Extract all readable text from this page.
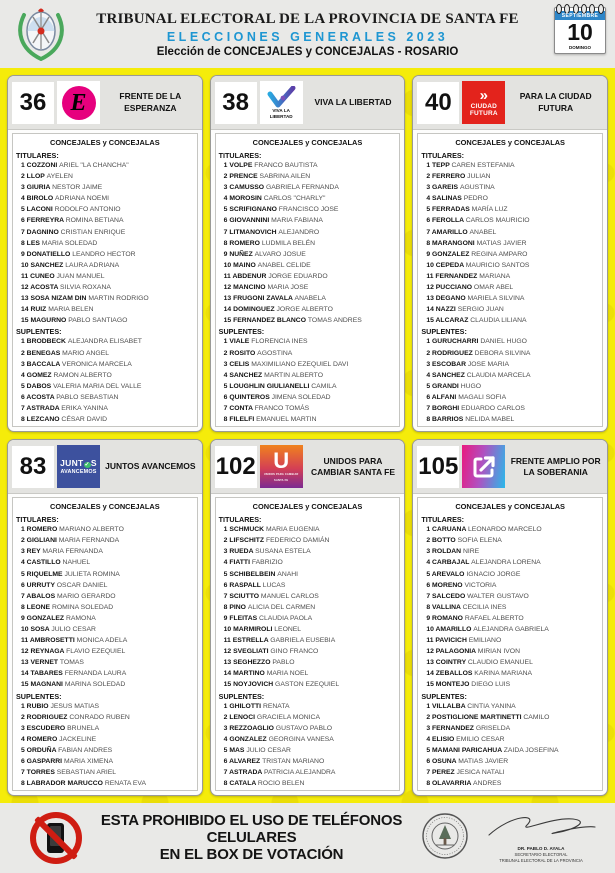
TRIBUNAL ELECTORAL DE LA PROVINCIA DE SANTA FE
ELECCIONES GENERALES 2023
Elección de CONCEJALES y CONCEJALAS - ROSARIO
SEPTIEMBRE
10
DOMINGO
36	E	FRENTE DE LA ESPERANZA
CONCEJALES y CONCEJALAS
TITULARES:
1 COZZONI ARIEL "LA CHANCHA"
2 LLOP AYELEN
3 GIURIA NESTOR JAIME
4 BIROLO ADRIANA NOEMI
5 LACONI RODOLFO ANTONIO
6 FERREYRA ROMINA BETIANA
7 DAGNINO CRISTIAN ENRIQUE
8 LES MARIA SOLEDAD
9 DONATIELLO LEANDRO HECTOR
10 SANCHEZ LAURA ADRIANA
11 CUNEO JUAN MANUEL
12 ACOSTA SILVIA ROXANA
13 SOSA NIZAM DIN MARTIN RODRIGO
14 RUIZ MARIA BELEN
15 MAGURNO PABLO SANTIAGO
SUPLENTES:
1 BRODBECK ALEJANDRA ELISABET
2 BENEGAS MARIO ANGEL
3 BACCALA VERONICA MARCELA
4 GOMEZ RAMON ALBERTO
5 DABOS VALERIA MARIA DEL VALLE
6 ACOSTA PABLO SEBASTIAN
7 ASTRADA ERIKA YANINA
8 LEZCANO CÉSAR DAVID
38	VIVA LA
LIBERTAD
VIVA LA LIBERTAD
CONCEJALES y CONCEJALAS
TITULARES:
1 VOLPE FRANCO BAUTISTA
2 PRENCE SABRINA AILEN
3 CAMUSSO GABRIELA FERNANDA
4 MOROSIN CARLOS "CHARLY"
5 SCRIFIGNANO FRANCISCO JOSE
6 GIOVANNINI MARIA FABIANA
7 LITMANOVICH ALEJANDRO
8 ROMERO LUDMILA BELÉN
9 NUÑEZ ALVARO JOSUE
10 MAINO ANABEL CELIDE
11 ABDENUR JORGE EDUARDO
12 MANCINO MARIA JOSE
13 FRUGONI ZAVALA ANABELA
14 DOMINGUEZ JORGE ALBERTO
15 FERNANDEZ BLANCO TOMAS ANDRES
SUPLENTES:
1 VIALE FLORENCIA INES
2 ROSITO AGOSTINA
3 CELIS MAXIMILIANO EZEQUIEL DAVI
4 SANCHEZ MARTIN ALBERTO
5 LOUGHLIN GIULIANELLI CAMILA
6 QUINTEROS JIMENA SOLEDAD
7 CONTA FRANCO TOMÁS
8 FILELFI EMANUEL MARTIN
40	»
CIUDAD
FUTURA
PARA LA CIUDAD FUTURA
CONCEJALES y CONCEJALAS
TITULARES:
1 TEPP CAREN ESTEFANIA
2 FERRERO JULIAN
3 GAREIS AGUSTINA
4 SALINAS PEDRO
5 FERRADAS MARÍA LUZ
6 FEROLLA CARLOS MAURICIO
7 AMARILLO ANABEL
8 MARANGONI MATIAS JAVIER
9 GONZALEZ REGINA AMPARO
10 CEPEDA MAURICIO SANTOS
11 FERNANDEZ MARIANA
12 PUCCIANO OMAR ABEL
13 DEGANO MARIELA SILVINA
14 NAZZI SERGIO JUAN
15 ALCARAZ CLAUDIA LILIANA
SUPLENTES:
1 GURUCHARRI DANIEL HUGO
2 RODRIGUEZ DEBORA SILVINA
3 ESCOBAR JOSE MARIA
4 SANCHEZ CLAUDIA MARCELA
5 GRANDI HUGO
6 ALFANI MAGALI SOFIA
7 BORGHI EDUARDO CARLOS
8 BARRIOS NELIDA MABEL
83	JUNT✓S
AVANCEMOS
JUNTOS AVANCEMOS
CONCEJALES y CONCEJALAS
TITULARES:
1 ROMERO MARIANO ALBERTO
2 GIGLIANI MARIA FERNANDA
3 REY MARIA FERNANDA
4 CASTILLO NAHUEL
5 RIQUELME JULIETA ROMINA
6 URRUTY OSCAR DANIEL
7 ABALOS MARIO GERARDO
8 LEONE ROMINA SOLEDAD
9 GONZALEZ RAMONA
10 SOSA JULIO CESAR
11 AMBROSETTI MONICA ADELA
12 REYNAGA FLAVIO EZEQUIEL
13 VERNET TOMAS
14 TABARES FERNANDA LAURA
15 MAGNANI MARINA SOLEDAD
SUPLENTES:
1 RUBIO JESUS MATIAS
2 RODRIGUEZ CONRADO RUBEN
3 ESCUDERO BRUNELA
4 ROMERO JACKELINE
5 ORDUÑA FABIAN ANDRES
6 GASPARRI MARIA XIMENA
7 TORRES SEBASTIAN ARIEL
8 LABRADOR MARUCCO RENATA EVA
102 U
UNIDOS PARA CAMBIAR SANTA FE
UNIDOS PARA CAMBIAR SANTA FE
CONCEJALES y CONCEJALAS
TITULARES:
1 SCHMUCK MARIA EUGENIA
2 LIFSCHITZ FEDERICO DAMIÁN
3 RUEDA SUSANA ESTELA
4 FIATTI FABRIZIO
5 SCHIBELBEIN ANAHI
6 RASPALL LUCAS
7 SCIUTTO MANUEL CARLOS
8 PINO ALICIA DEL CARMEN
9 FLEITAS CLAUDIA PAOLA
10 MARMIROLI LEONEL
11 ESTRELLA GABRIELA EUSEBIA
12 SVEGLIATI GINO FRANCO
13 SEGHEZZO PABLO
14 MARTINO MARIA NOEL
15 NOYJOVICH GASTON EZEQUIEL
SUPLENTES:
1 GHILOTTI RENATA
2 LENOCI GRACIELA MONICA
3 REZZOAGLIO GUSTAVO PABLO
4 GONZALEZ GEORGINA VANESA
5 MAS JULIO CESAR
6 ALVAREZ TRISTAN MARIANO
7 ASTRADA PATRICIA ALEJANDRA
8 CATALA ROCIO BELEN
105	FRENTE AMPLIO POR LA SOBERANIA
CONCEJALES y CONCEJALAS
TITULARES:
1 CARUANA LEONARDO MARCELO
2 BOTTO SOFIA ELENA
3 ROLDAN NIRE
4 CARBAJAL ALEJANDRA LORENA
5 AREVALO IGNACIO JORGE
6 MORENO VICTORIA
7 SALCEDO WALTER GUSTAVO
8 VALLINA CECILIA INES
9 ROMANO RAFAEL ALBERTO
10 AMARILLO ALEJANDRA GABRIELA
11 PAVICICH EMILIANO
12 PALAGONIA MIRIAN IVON
13 COINTRY CLAUDIO EMANUEL
14 ZEBALLOS KARINA MARIANA
15 MONTEJO DIEGO LUIS
SUPLENTES:
1 VILLALBA CINTIA YANINA
2 POSTIGLIONE MARTINETTI CAMILO
3 FERNANDEZ GRISELDA
4 ELISIO EMILIO CESAR
5 MAMANI PARICAHUA ZAIDA JOSEFINA
6 OSUNA MATIAS JAVIER
7 PEREZ JESICA NATALI
8 OLAVARRIA ANDRES
ESTA PROHIBIDO EL USO DE TELÉFONOS CELULARES
EN EL BOX DE VOTACIÓN	DR. PABLO D. AYALA
SECRETARIO ELECTORAL
TRIBUNAL ELECTORAL DE LA PROVINCIA
